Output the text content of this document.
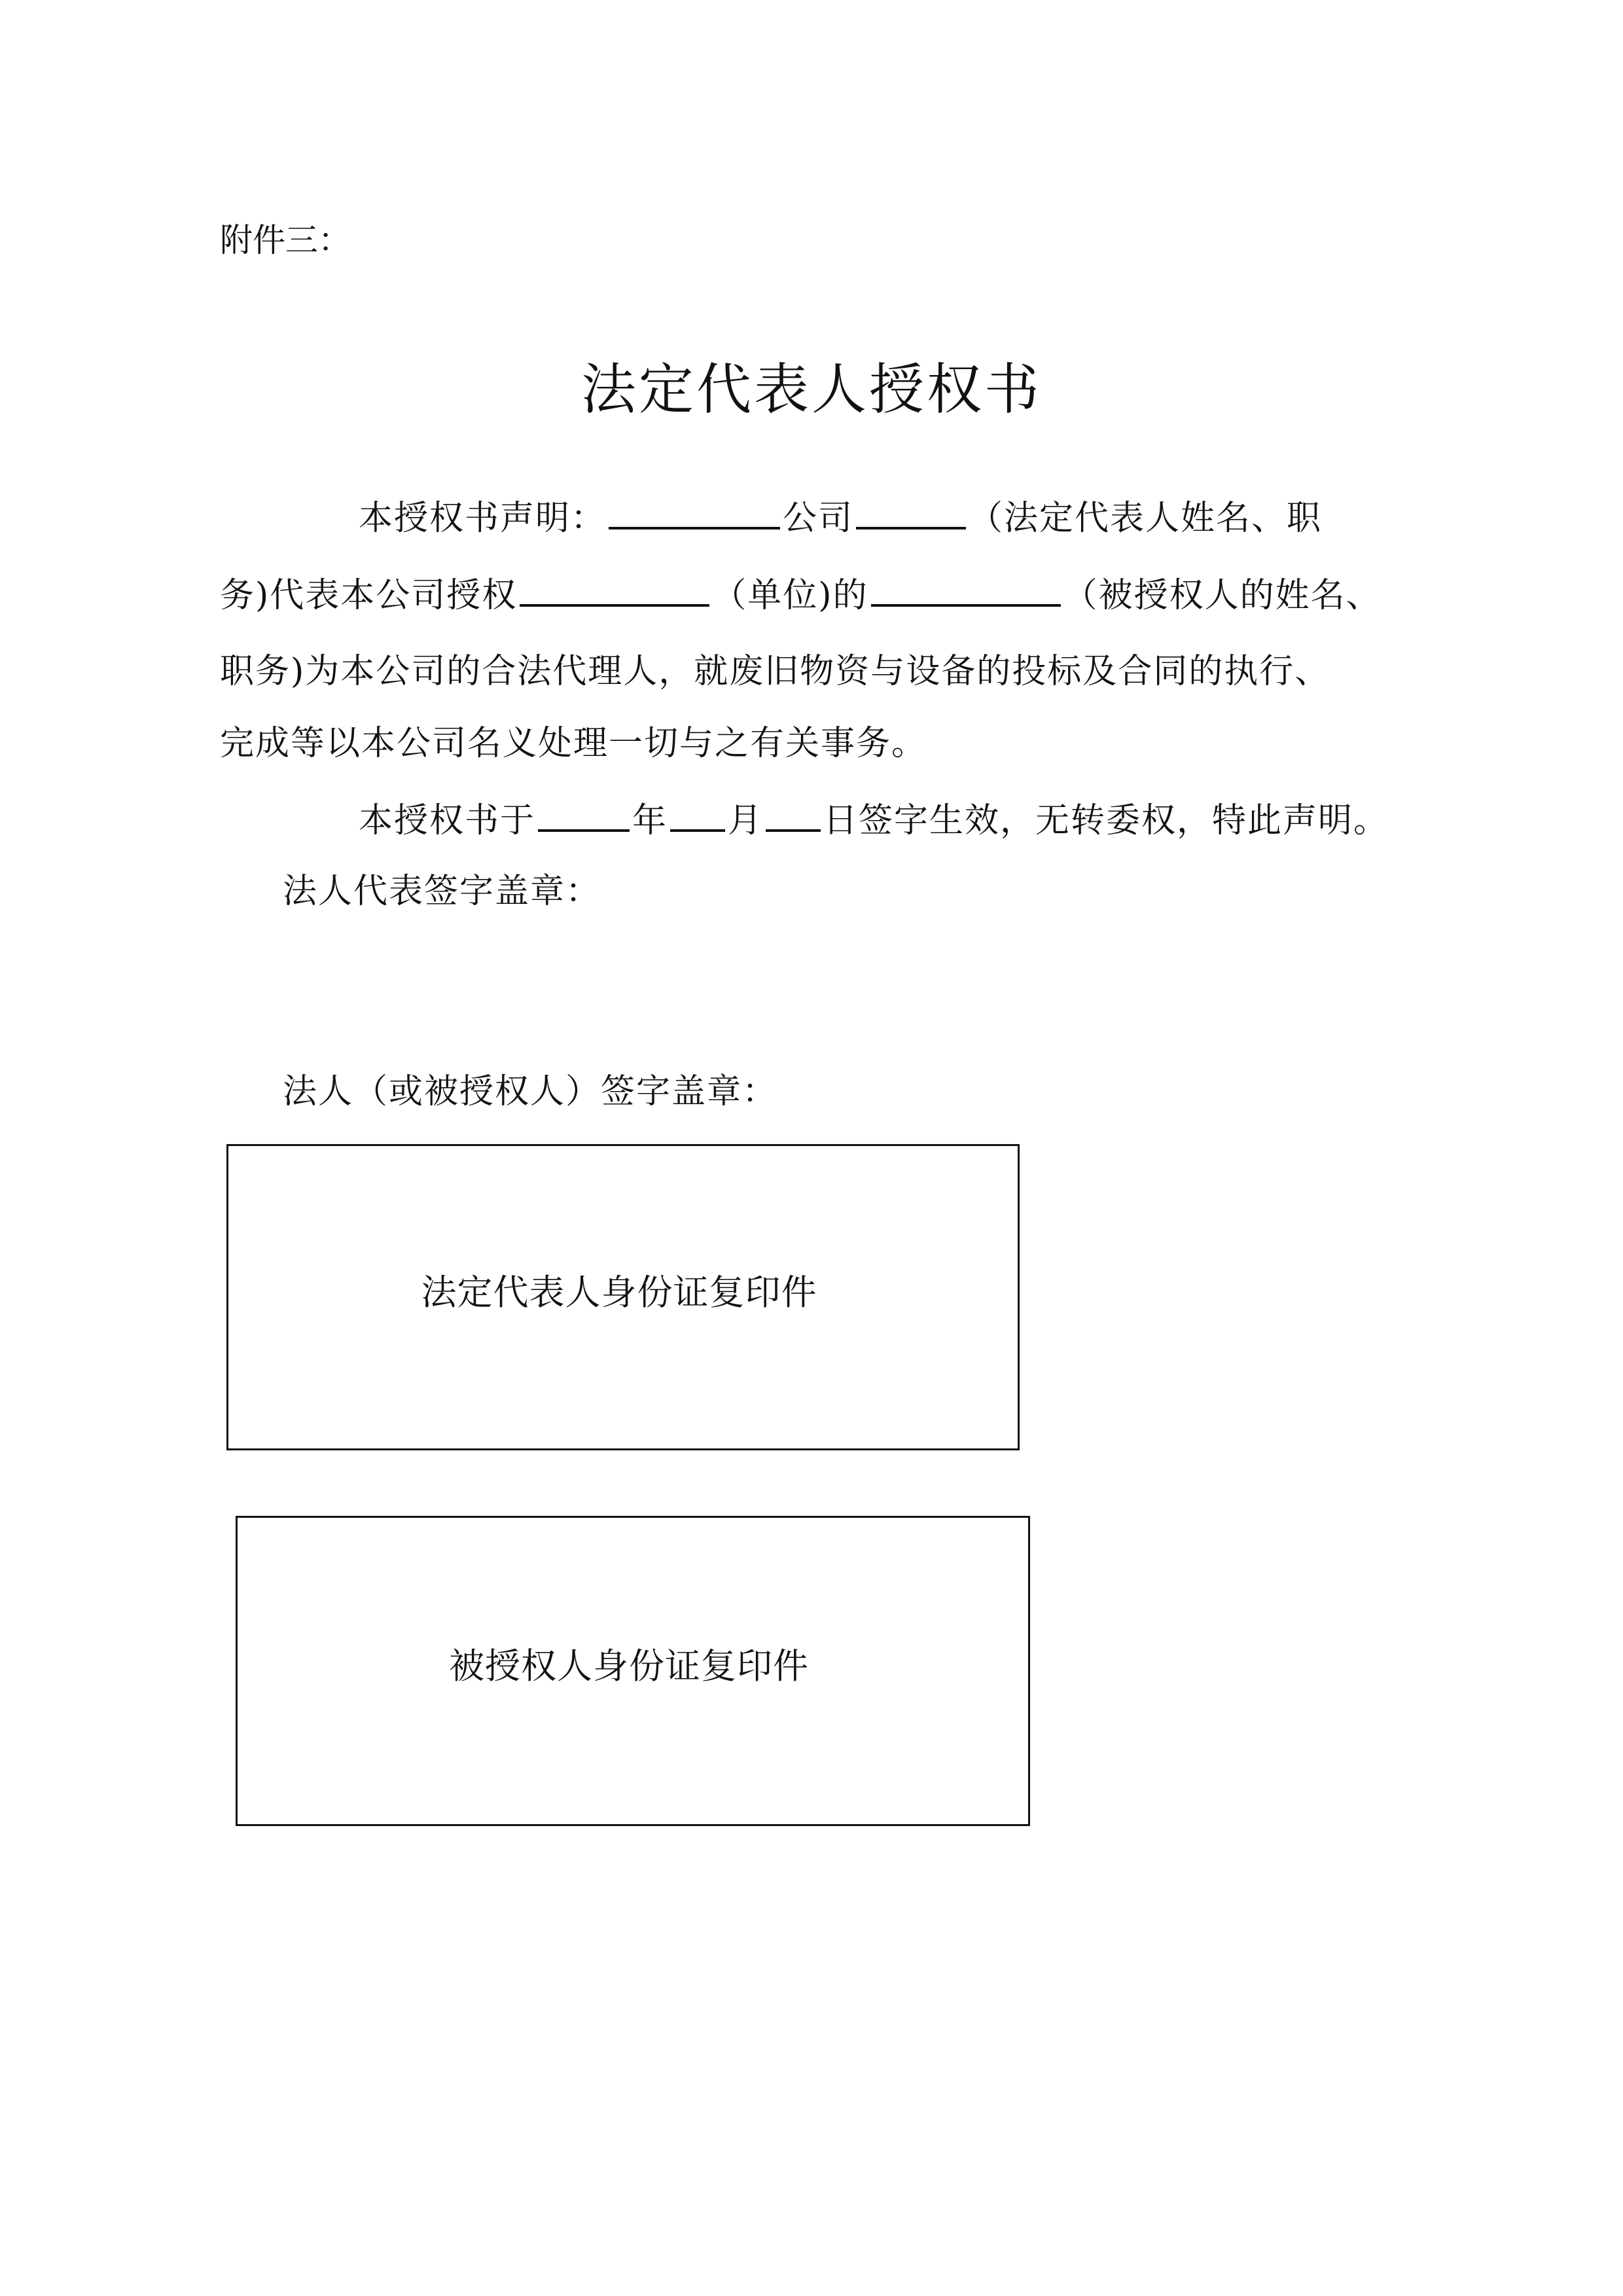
附件三：
法定代表人授权书
本授权书声明：	公司	（法定代表人姓名、职
务)代表本公司授权	（单位)的	（被授权人的姓名、
职务)为本公司的合法代理人，就废旧物资与设备的投标及合同的执行、
完成等以本公司名义处理一切与之有关事务。
本授权书于	年 月 日签字生效，无转委权，特此声明。
法人代表签字盖章：
法人（或被授权人）签字盖章：
法定代表人身份证复印件
被授权人身份证复印件
